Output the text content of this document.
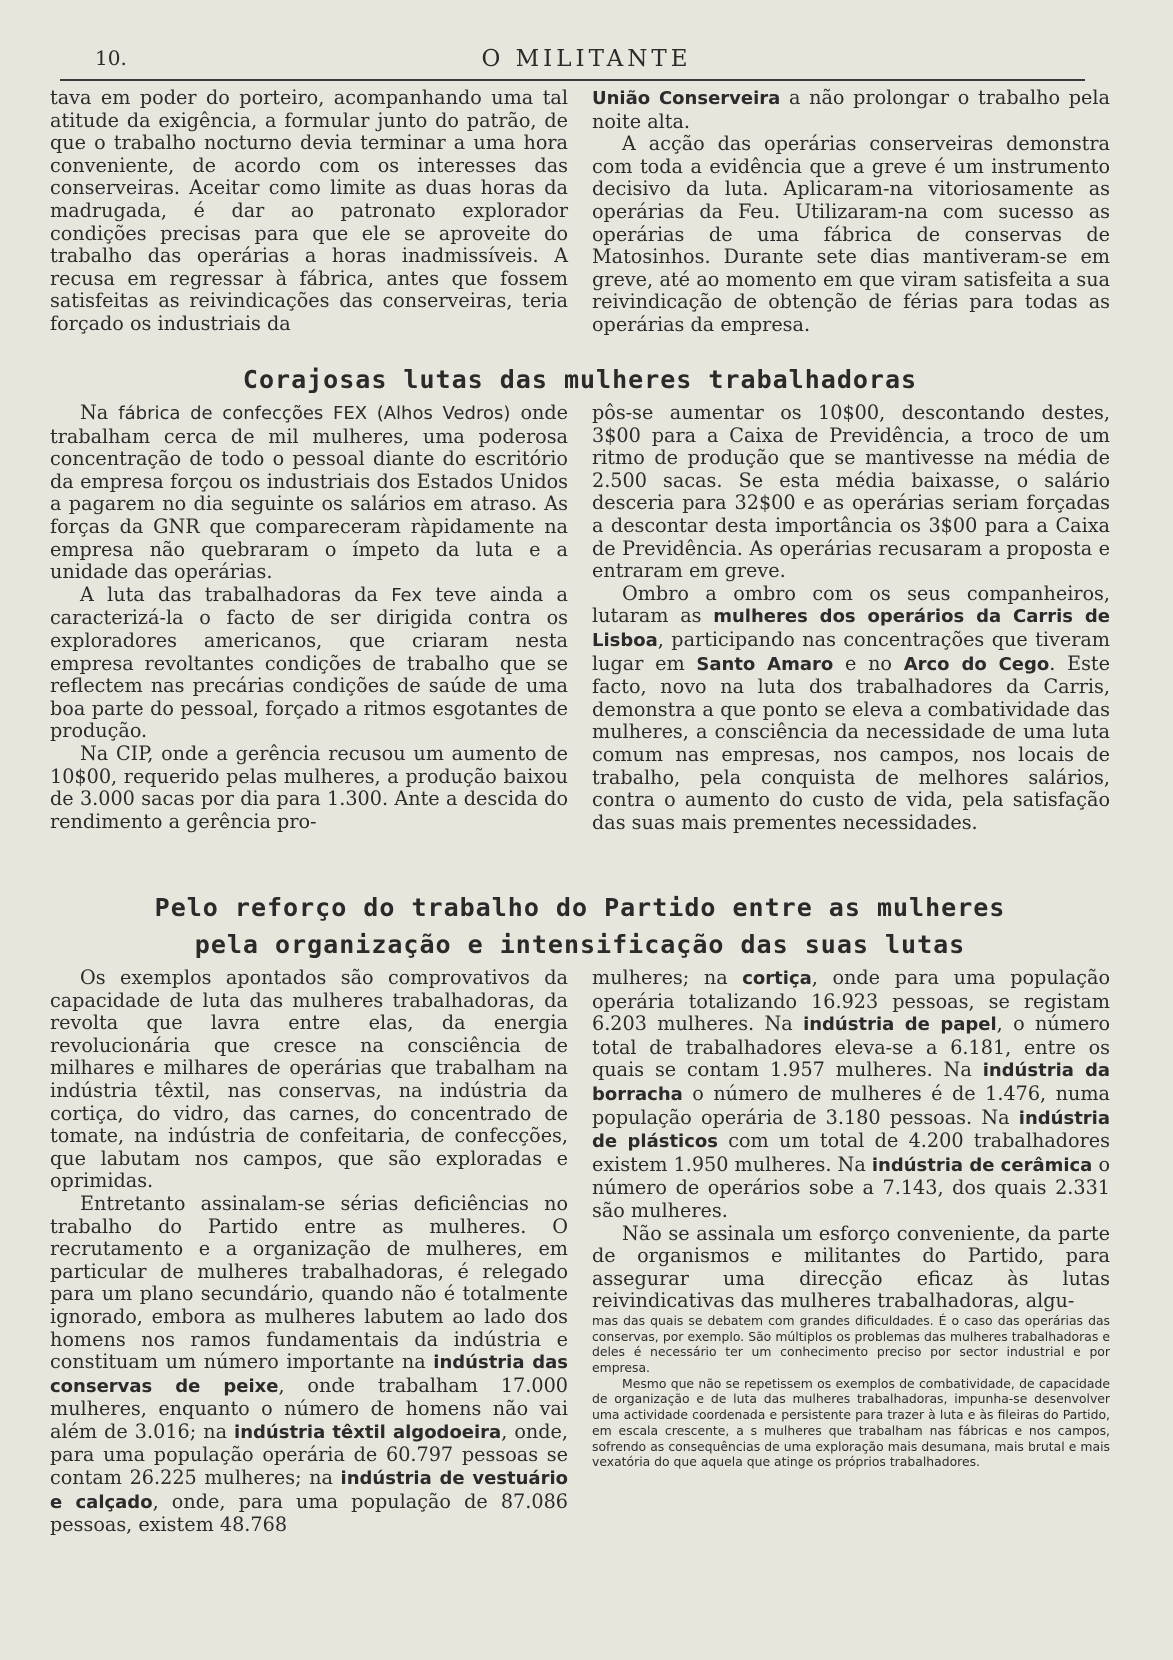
10.	O MILITANTE

tava em poder do porteiro, acompanhando uma tal atitude da exigência, a formular junto do patrão, de que o trabalho nocturno devia terminar a uma hora conveniente, de acordo com os interesses das conserveiras. Aceitar como limite as duas horas da madrugada, é dar ao patronato explorador condições precisas para que ele se aproveite do trabalho das operárias a horas inadmissíveis. A recusa em regressar à fábrica, antes que fossem satisfeitas as reivindicações das conserveiras, teria forçado os industriais da

União Conserveira a não prolongar o trabalho pela noite alta.

A acção das operárias conserveiras demonstra com toda a evidência que a greve é um instrumento decisivo da luta. Aplicaram-na vitoriosamente as operárias da Feu. Utilizaram-na com sucesso as operárias de uma fábrica de conservas de Matosinhos. Durante sete dias mantiveram-se em greve, até ao momento em que viram satisfeita a sua reivindicação de obtenção de férias para todas as operárias da empresa.

Corajosas lutas das mulheres trabalhadoras

Na fábrica de confecções FEX (Alhos Vedros) onde trabalham cerca de mil mulheres, uma poderosa concentração de todo o pessoal diante do escritório da empresa forçou os industriais dos Estados Unidos a pagarem no dia seguinte os salários em atraso. As forças da GNR que compareceram ràpidamente na empresa não quebraram o ímpeto da luta e a unidade das operárias.

A luta das trabalhadoras da Fex teve ainda a caracterizá-la o facto de ser dirigida contra os exploradores americanos, que criaram nesta empresa revoltantes condições de trabalho que se reflectem nas precárias condições de saúde de uma boa parte do pessoal, forçado a ritmos esgotantes de produção.

Na CIP, onde a gerência recusou um aumento de 10$00, requerido pelas mulheres, a produção baixou de 3.000 sacas por dia para 1.300. Ante a descida do rendimento a gerência pro-

pôs-se aumentar os 10$00, descontando destes, 3$00 para a Caixa de Previdência, a troco de um ritmo de produção que se mantivesse na média de 2.500 sacas. Se esta média baixasse, o salário desceria para 32$00 e as operárias seriam forçadas a descontar desta importância os 3$00 para a Caixa de Previdência. As operárias recusaram a proposta e entraram em greve.

Ombro a ombro com os seus companheiros, lutaram as mulheres dos operários da Carris de Lisboa, participando nas concentrações que tiveram lugar em Santo Amaro e no Arco do Cego. Este facto, novo na luta dos trabalhadores da Carris, demonstra a que ponto se eleva a combatividade das mulheres, a consciência da necessidade de uma luta comum nas empresas, nos campos, nos locais de trabalho, pela conquista de melhores salários, contra o aumento do custo de vida, pela satisfação das suas mais prementes necessidades.

Pelo reforço do trabalho do Partido entre as mulheres
pela organização e intensificação das suas lutas

Os exemplos apontados são comprovativos da capacidade de luta das mulheres trabalhadoras, da revolta que lavra entre elas, da energia revolucionária que cresce na consciência de milhares e milhares de operárias que trabalham na indústria têxtil, nas conservas, na indústria da cortiça, do vidro, das carnes, do concentrado de tomate, na indústria de confeitaria, de confecções, que labutam nos campos, que são exploradas e oprimidas.

Entretanto assinalam-se sérias deficiências no trabalho do Partido entre as mulheres. O recrutamento e a organização de mulheres, em particular de mulheres trabalhadoras, é relegado para um plano secundário, quando não é totalmente ignorado, embora as mulheres labutem ao lado dos homens nos ramos fundamentais da indústria e constituam um número importante na indústria das conservas de peixe, onde trabalham 17.000 mulheres, enquanto o número de homens não vai além de 3.016; na indústria têxtil algodoeira, onde, para uma população operária de 60.797 pessoas se contam 26.225 mulheres; na indústria de vestuário e calçado, onde, para uma população de 87.086 pessoas, existem 48.768

mulheres; na cortiça, onde para uma população operária totalizando 16.923 pessoas, se registam 6.203 mulheres. Na indústria de papel, o número total de trabalhadores eleva-se a 6.181, entre os quais se contam 1.957 mulheres. Na indústria da borracha o número de mulheres é de 1.476, numa população operária de 3.180 pessoas. Na indústria de plásticos com um total de 4.200 trabalhadores existem 1.950 mulheres. Na indústria de cerâmica o número de operários sobe a 7.143, dos quais 2.331 são mulheres.

Não se assinala um esforço conveniente, da parte de organismos e militantes do Partido, para assegurar uma direcção eficaz às lutas reivindicativas das mulheres trabalhadoras, algu-

mas das quais se debatem com grandes dificuldades. É o caso das operárias das conservas, por exemplo. São múltiplos os problemas das mulheres trabalhadoras e deles é necessário ter um conhecimento preciso por sector industrial e por empresa.

Mesmo que não se repetissem os exemplos de combatividade, de capacidade de organização e de luta das mulheres trabalhadoras, impunha-se desenvolver uma actividade coordenada e persistente para trazer à luta e às fileiras do Partido, em escala crescente, a s mulheres que trabalham nas fábricas e nos campos, sofrendo as consequências de uma exploração mais desumana, mais brutal e mais vexatória do que aquela que atinge os próprios trabalhadores.
